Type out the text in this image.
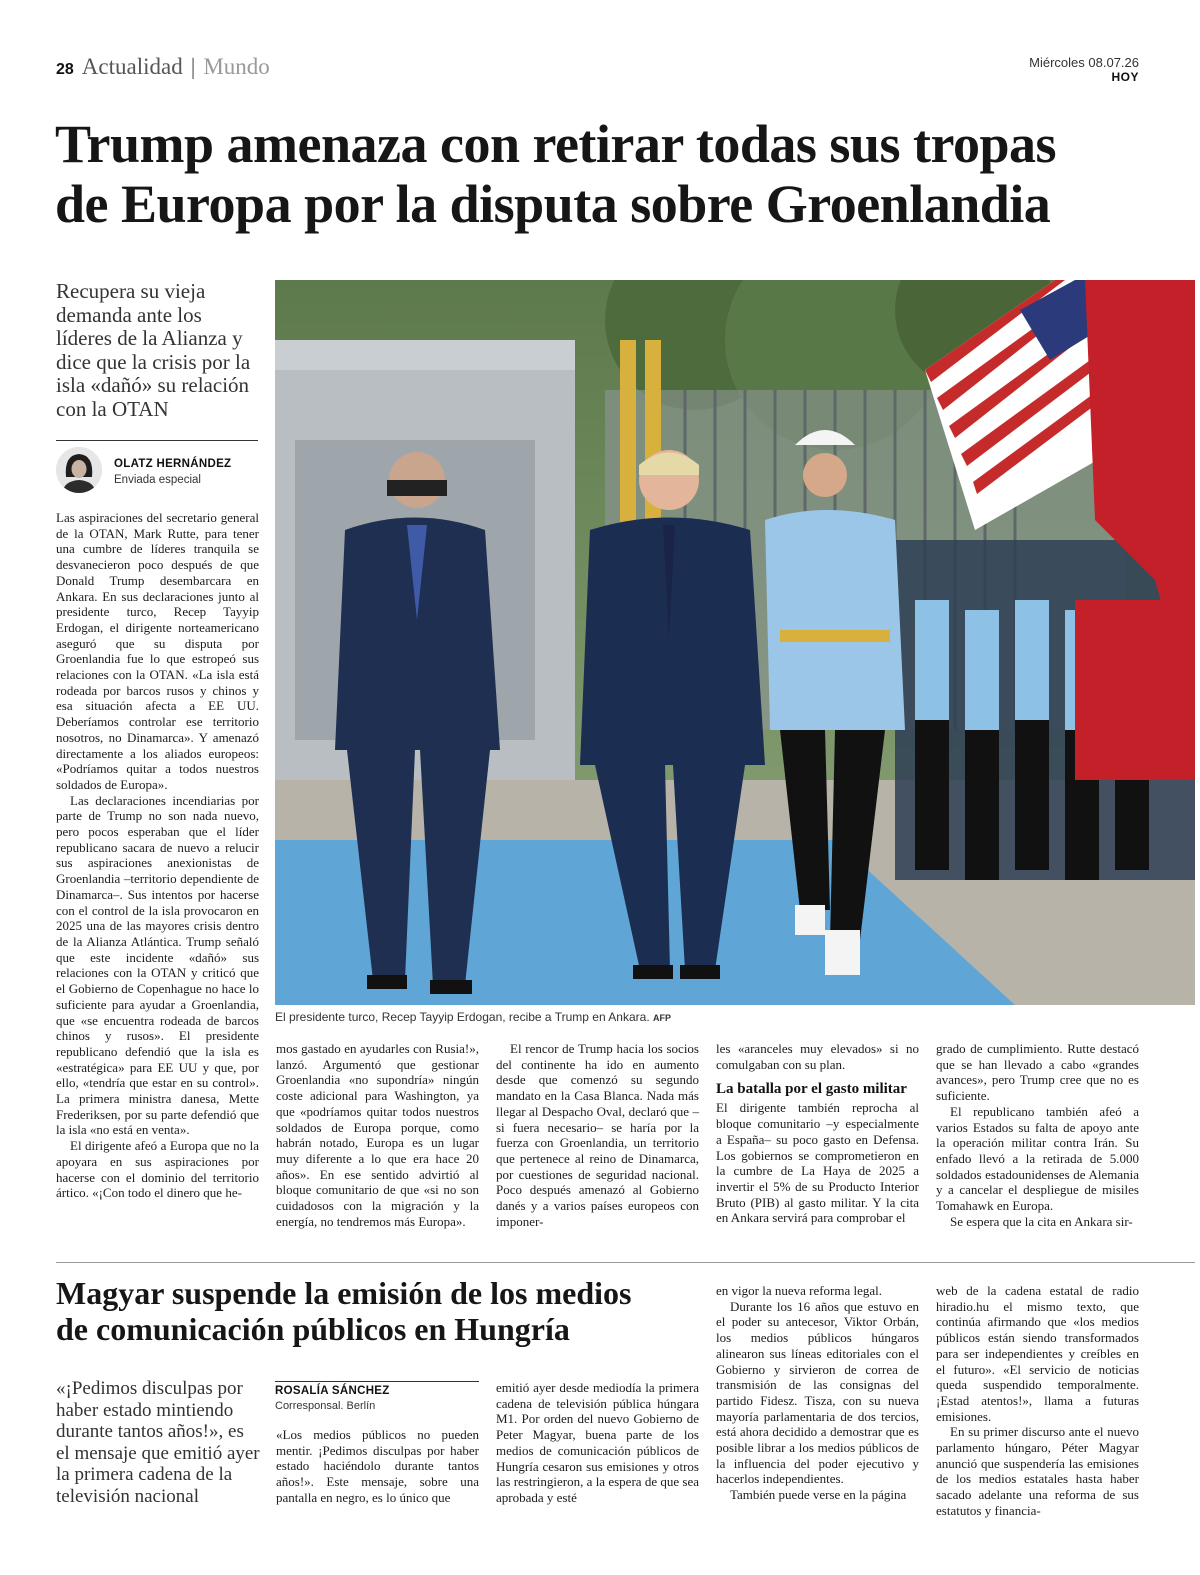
28 Actualidad | Mundo	Miércoles 08.07.26
HOY
Trump amenaza con retirar todas sus tropas
de Europa por la disputa sobre Groenlandia
Recupera su vieja demanda ante los líderes de la Alianza y dice que la crisis por la isla «dañó» su relación con la OTAN
OLATZ HERNÁNDEZ
Enviada especial

Las aspiraciones del secretario general de la OTAN, Mark Rutte, para tener una cumbre de líderes tranquila se desvanecieron poco después de que Donald Trump desembarcara en Ankara. En sus declaraciones junto al presidente turco, Recep Tayyip Erdogan, el dirigente norteamericano aseguró que su disputa por Groenlandia fue lo que estropeó sus relaciones con la OTAN. «La isla está rodeada por barcos rusos y chinos y esa situación afecta a EE UU. Deberíamos controlar ese territorio nosotros, no Dinamarca». Y amenazó directamente a los aliados europeos: «Podríamos quitar a todos nuestros soldados de Europa».

Las declaraciones incendiarias por parte de Trump no son nada nuevo, pero pocos esperaban que el líder republicano sacara de nuevo a relucir sus aspiraciones anexionistas de Groenlandia –territorio dependiente de Dinamarca–. Sus intentos por hacerse con el control de la isla provocaron en 2025 una de las mayores crisis dentro de la Alianza Atlántica. Trump señaló que este incidente «dañó» sus relaciones con la OTAN y criticó que el Gobierno de Copenhague no hace lo suficiente para ayudar a Groenlandia, que «se encuentra rodeada de barcos chinos y rusos». El presidente republicano defendió que la isla es «estratégica» para EE UU y que, por ello, «tendría que estar en su control». La primera ministra danesa, Mette Frederiksen, por su parte defendió que la isla «no está en venta».

El dirigente afeó a Europa que no la apoyara en sus aspiraciones por hacerse con el dominio del territorio ártico. «¡Con todo el dinero que he-

El presidente turco, Recep Tayyip Erdogan, recibe a Trump en Ankara. AFP

mos gastado en ayudarles con Rusia!», lanzó. Argumentó que gestionar Groenlandia «no supondría» ningún coste adicional para Washington, ya que «podríamos quitar todos nuestros soldados de Europa porque, como habrán notado, Europa es un lugar muy diferente a lo que era hace 20 años». En ese sentido advirtió al bloque comunitario de que «si no son cuidadosos con la migración y la energía, no tendremos más Europa».

El rencor de Trump hacia los socios del continente ha ido en aumento desde que comenzó su segundo mandato en la Casa Blanca. Nada más llegar al Despacho Oval, declaró que –si fuera necesario– se haría por la fuerza con Groenlandia, un territorio que pertenece al reino de Dinamarca, por cuestiones de seguridad nacional. Poco después amenazó al Gobierno danés y a varios países europeos con imponer-

les «aranceles muy elevados» si no comulgaban con su plan.

La batalla por el gasto militar

El dirigente también reprocha al bloque comunitario –y especialmente a España– su poco gasto en Defensa. Los gobiernos se comprometieron en la cumbre de La Haya de 2025 a invertir el 5% de su Producto Interior Bruto (PIB) al gasto militar. Y la cita en Ankara servirá para comprobar el

grado de cumplimiento. Rutte destacó que se han llevado a cabo «grandes avances», pero Trump cree que no es suficiente.

El republicano también afeó a varios Estados su falta de apoyo ante la operación militar contra Irán. Su enfado llevó a la retirada de 5.000 soldados estadounidenses de Alemania y a cancelar el despliegue de misiles Tomahawk en Europa.

Se espera que la cita en Ankara sir-

Magyar suspende la emisión de los medios
de comunicación públicos en Hungría
«¡Pedimos disculpas por haber estado mintiendo durante tantos años!», es el mensaje que emitió ayer la primera cadena de la televisión nacional
ROSALÍA SÁNCHEZ
Corresponsal. Berlín

«Los medios públicos no pueden mentir. ¡Pedimos disculpas por haber estado haciéndolo durante tantos años!». Este mensaje, sobre una pantalla en negro, es lo único que

emitió ayer desde mediodía la primera cadena de televisión pública húngara M1. Por orden del nuevo Gobierno de Peter Magyar, buena parte de los medios de comunicación públicos de Hungría cesaron sus emisiones y otros las restringieron, a la espera de que sea aprobada y esté

en vigor la nueva reforma legal.

Durante los 16 años que estuvo en el poder su antecesor, Viktor Orbán, los medios públicos húngaros alinearon sus líneas editoriales con el Gobierno y sirvieron de correa de transmisión de las consignas del partido Fidesz. Tisza, con su nueva mayoría parlamentaria de dos tercios, está ahora decidido a demostrar que es posible librar a los medios públicos de la influencia del poder ejecutivo y hacerlos independientes.

También puede verse en la página

web de la cadena estatal de radio hiradio.hu el mismo texto, que continúa afirmando que «los medios públicos están siendo transformados para ser independientes y creíbles en el futuro». «El servicio de noticias queda suspendido temporalmente. ¡Estad atentos!», llama a futuras emisiones.

En su primer discurso ante el nuevo parlamento húngaro, Péter Magyar anunció que suspendería las emisiones de los medios estatales hasta haber sacado adelante una reforma de sus estatutos y financia-
